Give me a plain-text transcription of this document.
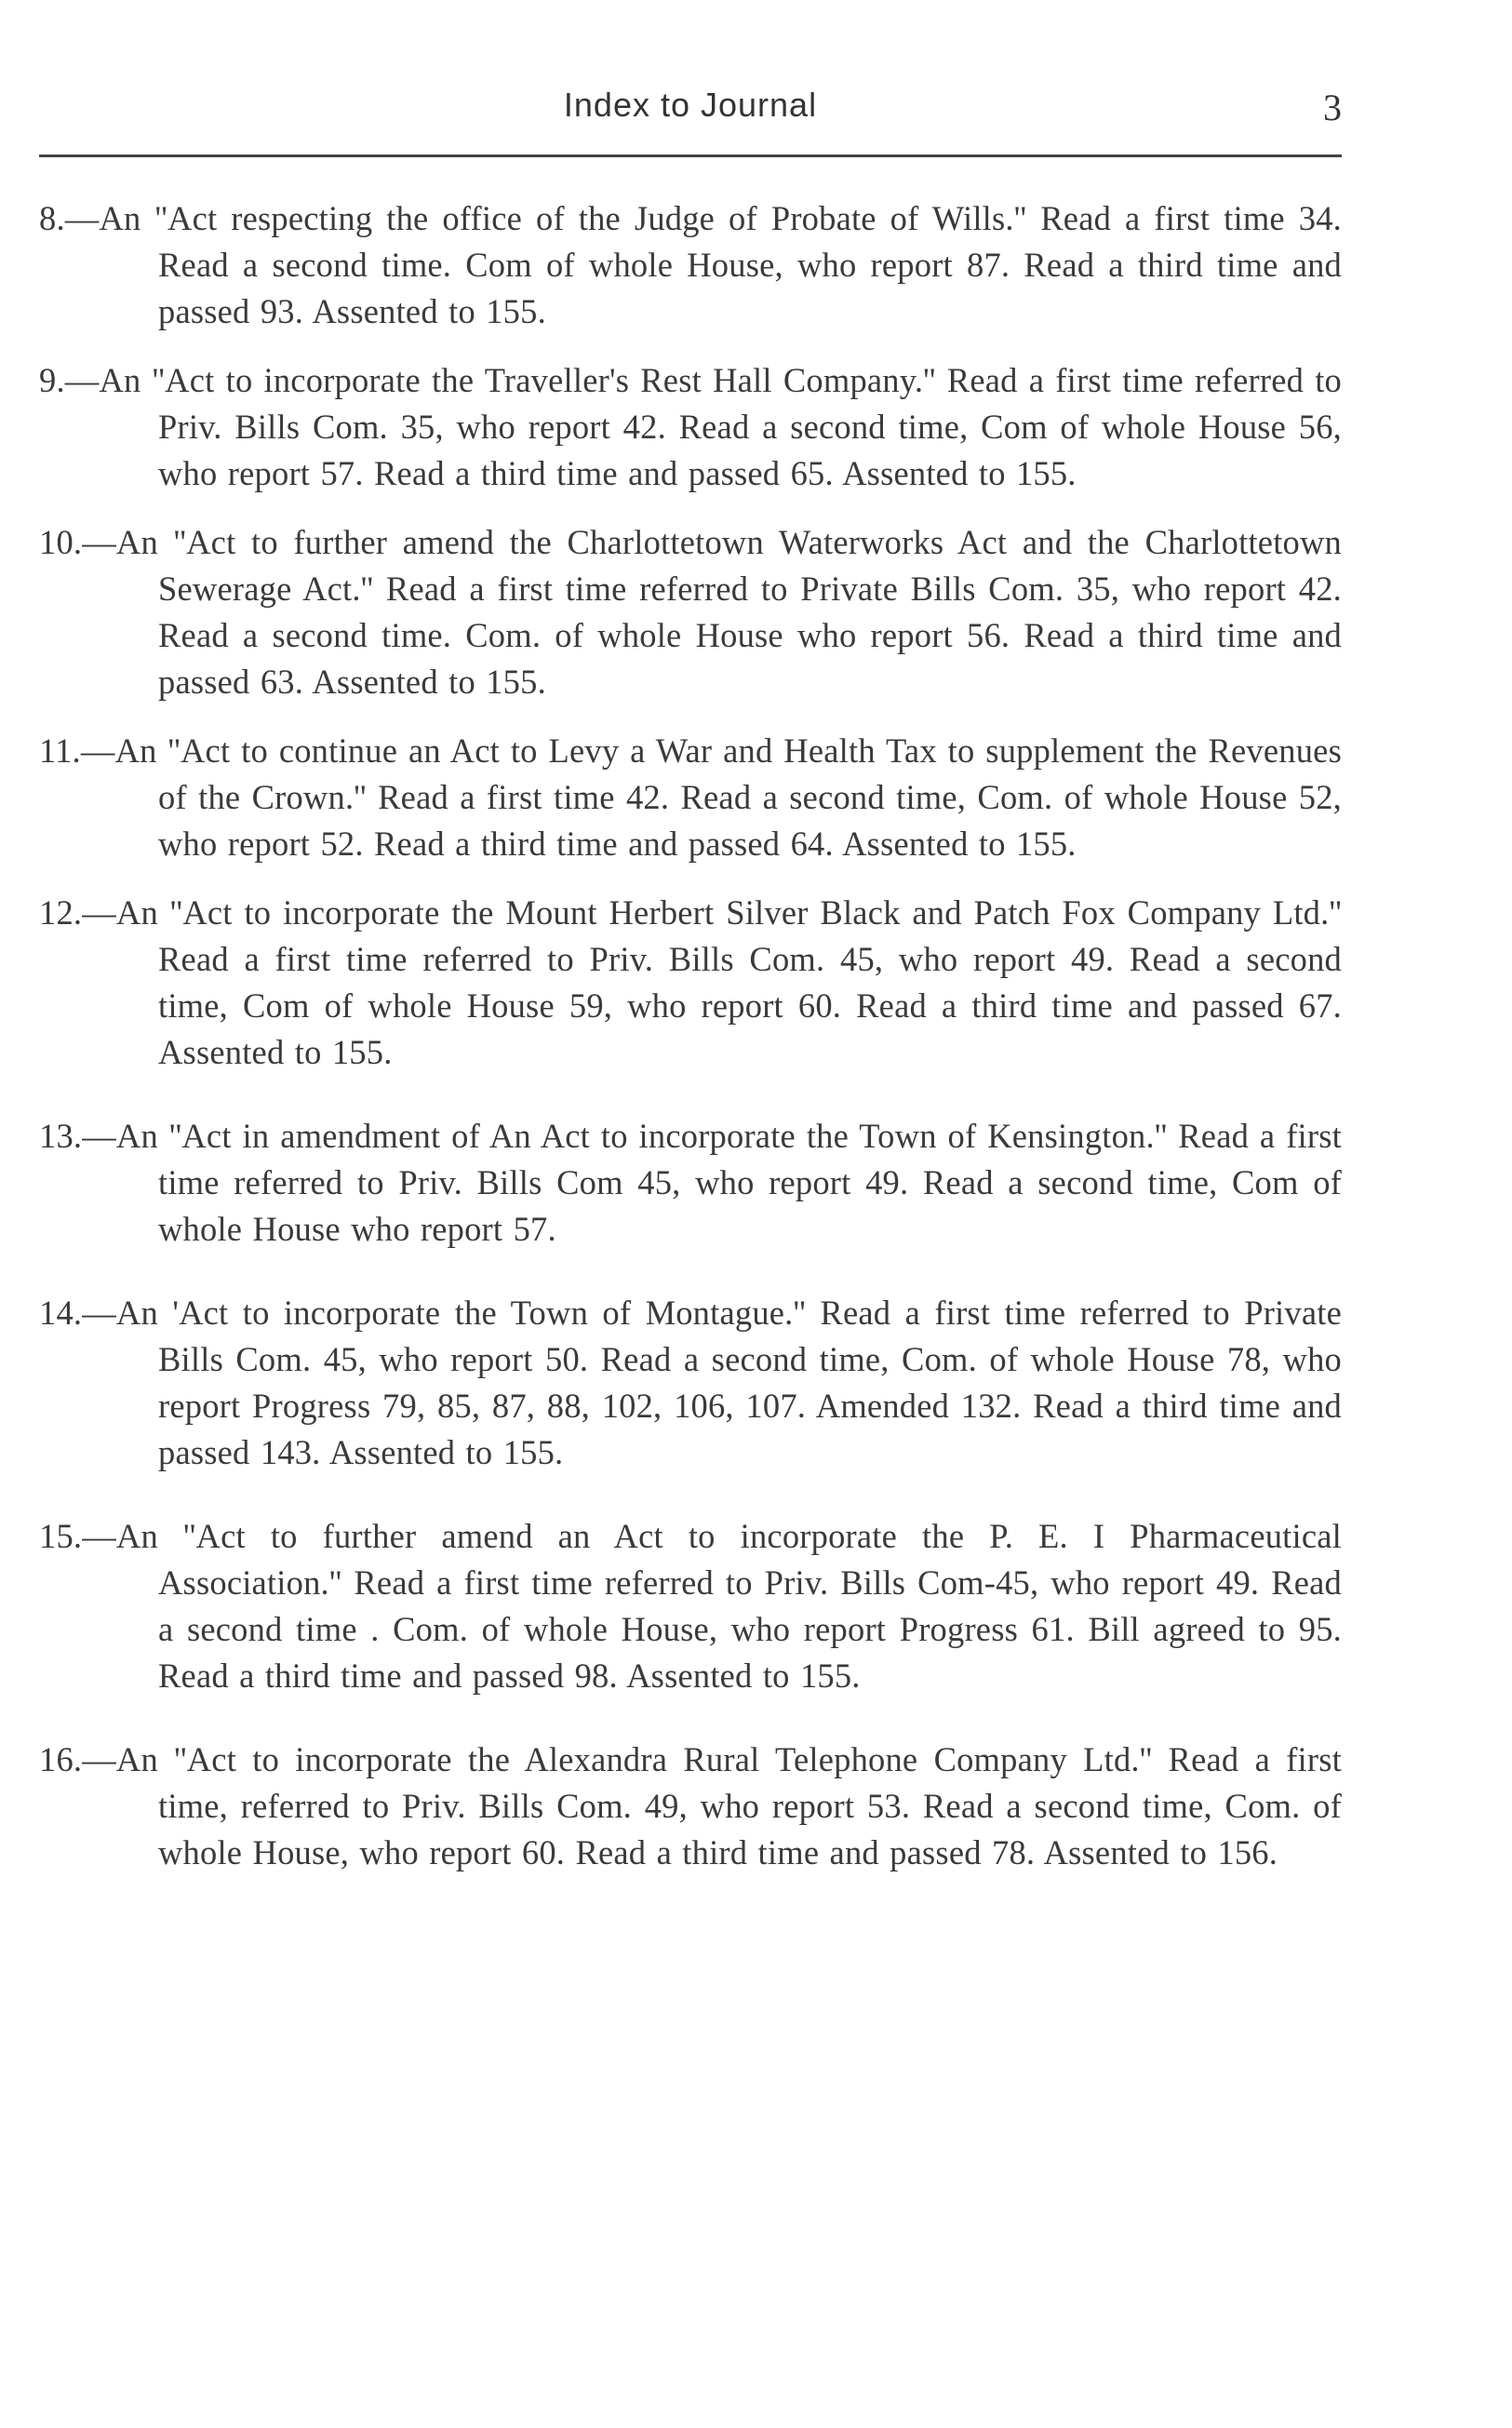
Index to Journal	3

8.—An ''Act respecting the office of the Judge of Probate of Wills.'' Read a first time 34. Read a second time. Com of whole House, who report 87. Read a third time and passed 93. Assented to 155.

9.—An ''Act to incorporate the Traveller's Rest Hall Company.'' Read a first time referred to Priv. Bills Com. 35, who report 42. Read a second time, Com of whole House 56, who report 57. Read a third time and passed 65. Assented to 155.

10.—An ''Act to further amend the Charlottetown Waterworks Act and the Charlottetown Sewerage Act.'' Read a first time referred to Private Bills Com. 35, who report 42. Read a second time. Com. of whole House who report 56. Read a third time and passed 63. Assented to 155.

11.—An ''Act to continue an Act to Levy a War and Health Tax to supplement the Revenues of the Crown.'' Read a first time 42. Read a second time, Com. of whole House 52, who report 52. Read a third time and passed 64. Assented to 155.

12.—An ''Act to incorporate the Mount Herbert Silver Black and Patch Fox Company Ltd.'' Read a first time referred to Priv. Bills Com. 45, who report 49. Read a second time, Com of whole House 59, who report 60. Read a third time and passed 67. Assented to 155.

13.—An ''Act in amendment of An Act to incorporate the Town of Kensington.'' Read a first time referred to Priv. Bills Com 45, who report 49. Read a second time, Com of whole House who report 57.

14.—An 'Act to incorporate the Town of Montague.'' Read a first time referred to Private Bills Com. 45, who report 50. Read a second time, Com. of whole House 78, who report Progress 79, 85, 87, 88, 102, 106, 107. Amended 132. Read a third time and passed 143. Assented to 155.

15.—An ''Act to further amend an Act to incorporate the P. E. I Pharmaceutical Association.'' Read a first time referred to Priv. Bills Com-45, who report 49. Read a second time . Com. of whole House, who report Progress 61. Bill agreed to 95. Read a third time and passed 98. Assented to 155.

16.—An ''Act to incorporate the Alexandra Rural Telephone Company Ltd.'' Read a first time, referred to Priv. Bills Com. 49, who report 53. Read a second time, Com. of whole House, who report 60. Read a third time and passed 78. Assented to 156.
